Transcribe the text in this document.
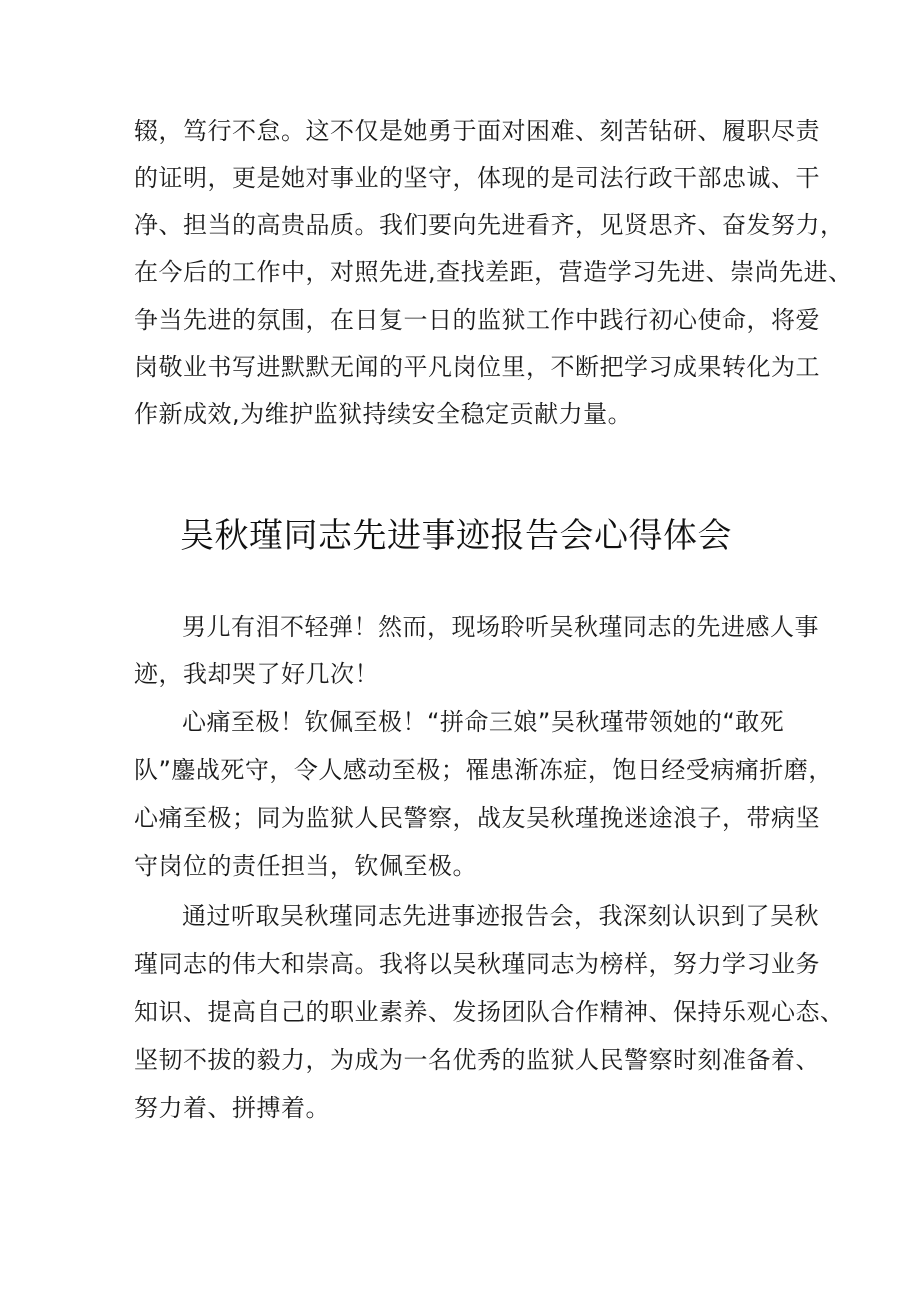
辍，笃行不怠。这不仅是她勇于面对困难、刻苦钻研、履职尽责
的证明，更是她对事业的坚守，体现的是司法行政干部忠诚、干
净、担当的高贵品质。我们要向先进看齐，见贤思齐、奋发努力，
在今后的工作中，对照先进,查找差距，营造学习先进、崇尚先进、
争当先进的氛围，在日复一日的监狱工作中践行初心使命，将爱
岗敬业书写进默默无闻的平凡岗位里，不断把学习成果转化为工
作新成效,为维护监狱持续安全稳定贡献力量。
吴秋瑾同志先进事迹报告会心得体会
男儿有泪不轻弹！然而，现场聆听吴秋瑾同志的先进感人事
迹，我却哭了好几次！
心痛至极！钦佩至极！“拼命三娘”吴秋瑾带领她的“敢死
队”鏖战死守，令人感动至极；罹患渐冻症，饱日经受病痛折磨，
心痛至极；同为监狱人民警察，战友吴秋瑾挽迷途浪子，带病坚
守岗位的责任担当，钦佩至极。
通过听取吴秋瑾同志先进事迹报告会，我深刻认识到了吴秋
瑾同志的伟大和崇高。我将以吴秋瑾同志为榜样，努力学习业务
知识、提高自己的职业素养、发扬团队合作精神、保持乐观心态、
坚韧不拔的毅力，为成为一名优秀的监狱人民警察时刻准备着、
努力着、拼搏着。
